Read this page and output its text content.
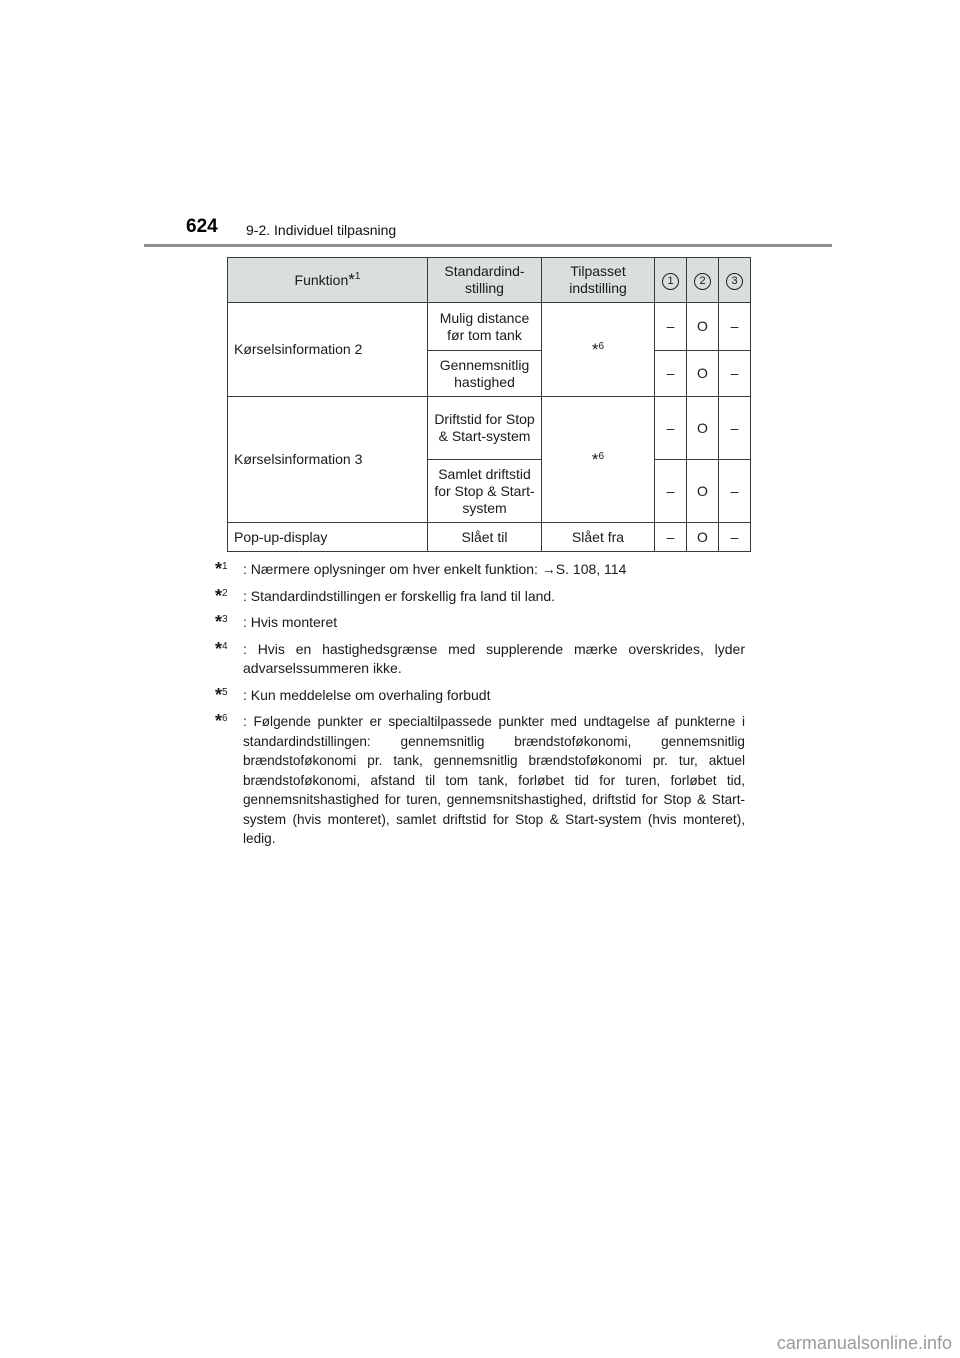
624 9-2. Individuel tilpasning
Funktion*$^1$	Standardind-stilling	Tilpasset indstilling	1	2	3
Kørselsinformation 2	Mulig distance før tom tank	*$^6$	–	O	–
	Gennemsnitlig hastighed		–	O	–
Kørselsinformation 3	Driftstid for Stop & Start-system	*$^6$	–	O	–
	Samlet driftstid for Stop & Start-system		–	O	–
Pop-up-display	Slået til	Slået fra	–	O	–
*$^1$ : Nærmere oplysninger om hver enkelt funktion: →S. 108, 114
*$^2$ : Standardindstillingen er forskellig fra land til land.
*$^3$ : Hvis monteret
*$^4$ : Hvis en hastighedsgrænse med supplerende mærke overskrides, lyder advarselssummeren ikke.
*$^5$ : Kun meddelelse om overhaling forbudt
*$^6$ : Følgende punkter er specialtilpassede punkter med undtagelse af punkterne i standardindstillingen: gennemsnitlig brændstoføkonomi, gennemsnitlig brændstoføkonomi pr. tank, gennemsnitlig brændstoføkonomi pr. tur, aktuel brændstoføkonomi, afstand til tom tank, forløbet tid for turen, forløbet tid, gennemsnitshastighed for turen, gennemsnitshastighed, driftstid for Stop & Start-system (hvis monteret), samlet driftstid for Stop & Start-system (hvis monteret), ledig.
carmanualsonline.info
